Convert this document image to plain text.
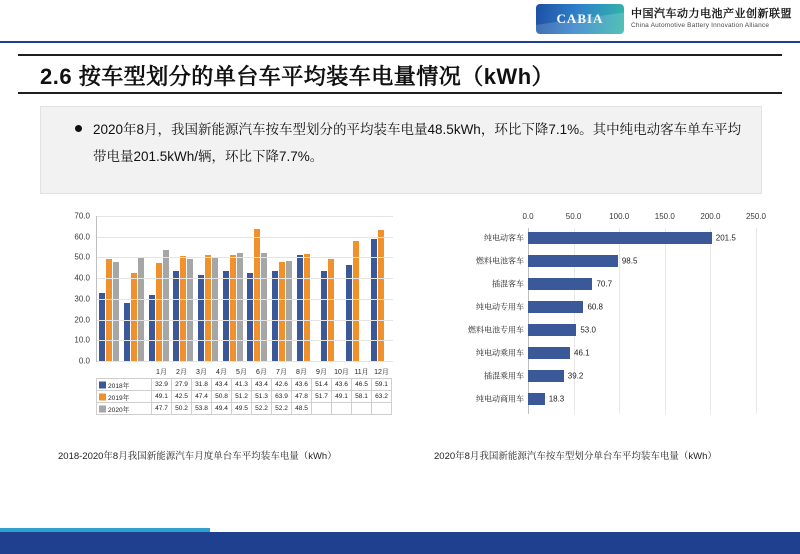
CABIA	中国汽车动力电池产业创新联盟
China Automotive Battery Innovation Alliance
2.6 按车型划分的单台车平均装车电量情况（kWh）
2020年8月，我国新能源汽车按车型划分的平均装车电量48.5kWh，环比下降7.1%。其中纯电动客车单车平均带电量201.5kWh/辆，环比下降7.7%。
0.0
10.0
20.0
30.0
40.0
50.0
60.0
70.0
	1月	2月	3月	4月	5月	6月	7月	8月	9月	10月	11月	12月

2018年	32.9	27.9	31.8	43.4	41.3	43.4	42.6	43.6	51.4	43.6	46.5	59.1

2019年	49.1	42.5	47.4	50.8	51.2	51.3	63.9	47.8	51.7	49.1	58.1	63.2

2020年	47.7	50.2	53.8	49.4	49.5	52.2	52.2	48.5				
2018-2020年8月我国新能源汽车月度单台车平均装车电量（kWh）
0.0	50.0	100.0	150.0	200.0	250.0
纯电动客车	201.5
燃料电池客车	98.5
插混客车	70.7
纯电动专用车	60.8
燃料电池专用车	53.0
纯电动乘用车	46.1
插混乘用车	39.2
纯电动商用车	18.3
2020年8月我国新能源汽车按车型划分单台车平均装车电量（kWh）
